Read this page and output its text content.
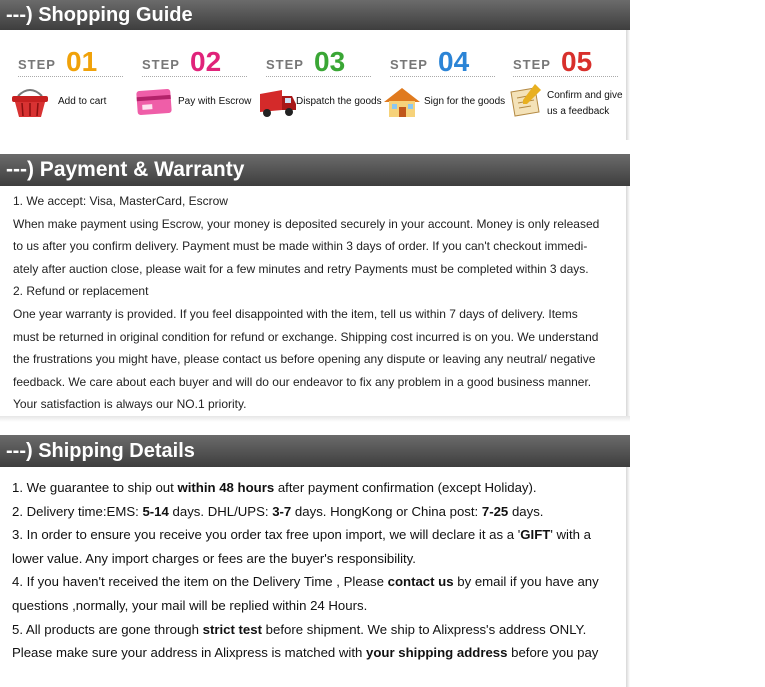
---) Shopping Guide
STEP 01
Add to cart
STEP 02
Pay with Escrow
STEP 03
Dispatch the goods
STEP 04
Sign for the goods
STEP 05
Confirm and give
us a feedback
---) Payment & Warranty
1. We accept: Visa, MasterCard, Escrow
When make payment using Escrow, your money is deposited securely in your account. Money is only released
to us after you confirm delivery. Payment must be made within 3 days of order. If you can't checkout immedi-
ately after auction close, please wait for a few minutes and retry Payments must be completed within 3 days.
2. Refund or replacement
One year warranty is provided. If you feel disappointed with the item, tell us within 7 days of delivery. Items
must be returned in original condition for refund or exchange. Shipping cost incurred is on you. We understand
the frustrations you might have, please contact us before opening any dispute or leaving any neutral/ negative
feedback. We care about each buyer and will do our endeavor to fix any problem in a good business manner.
Your satisfaction is always our NO.1 priority.
---) Shipping Details
1. We guarantee to ship out within 48 hours after payment confirmation (except Holiday).
2. Delivery time:EMS: 5-14 days. DHL/UPS: 3-7 days. HongKong or China post: 7-25 days.
3. In order to ensure you receive you order tax free upon import, we will declare it as a 'GIFT' with a
lower value. Any import charges or fees are the buyer's responsibility.
4. If you haven't received the item on the Delivery Time , Please contact us by email if you have any
questions ,normally, your mail will be replied within 24 Hours.
5. All products are gone through strict test before shipment. We ship to Alixpress's address ONLY.
Please make sure your address in Alixpress is matched with your shipping address before you pay
